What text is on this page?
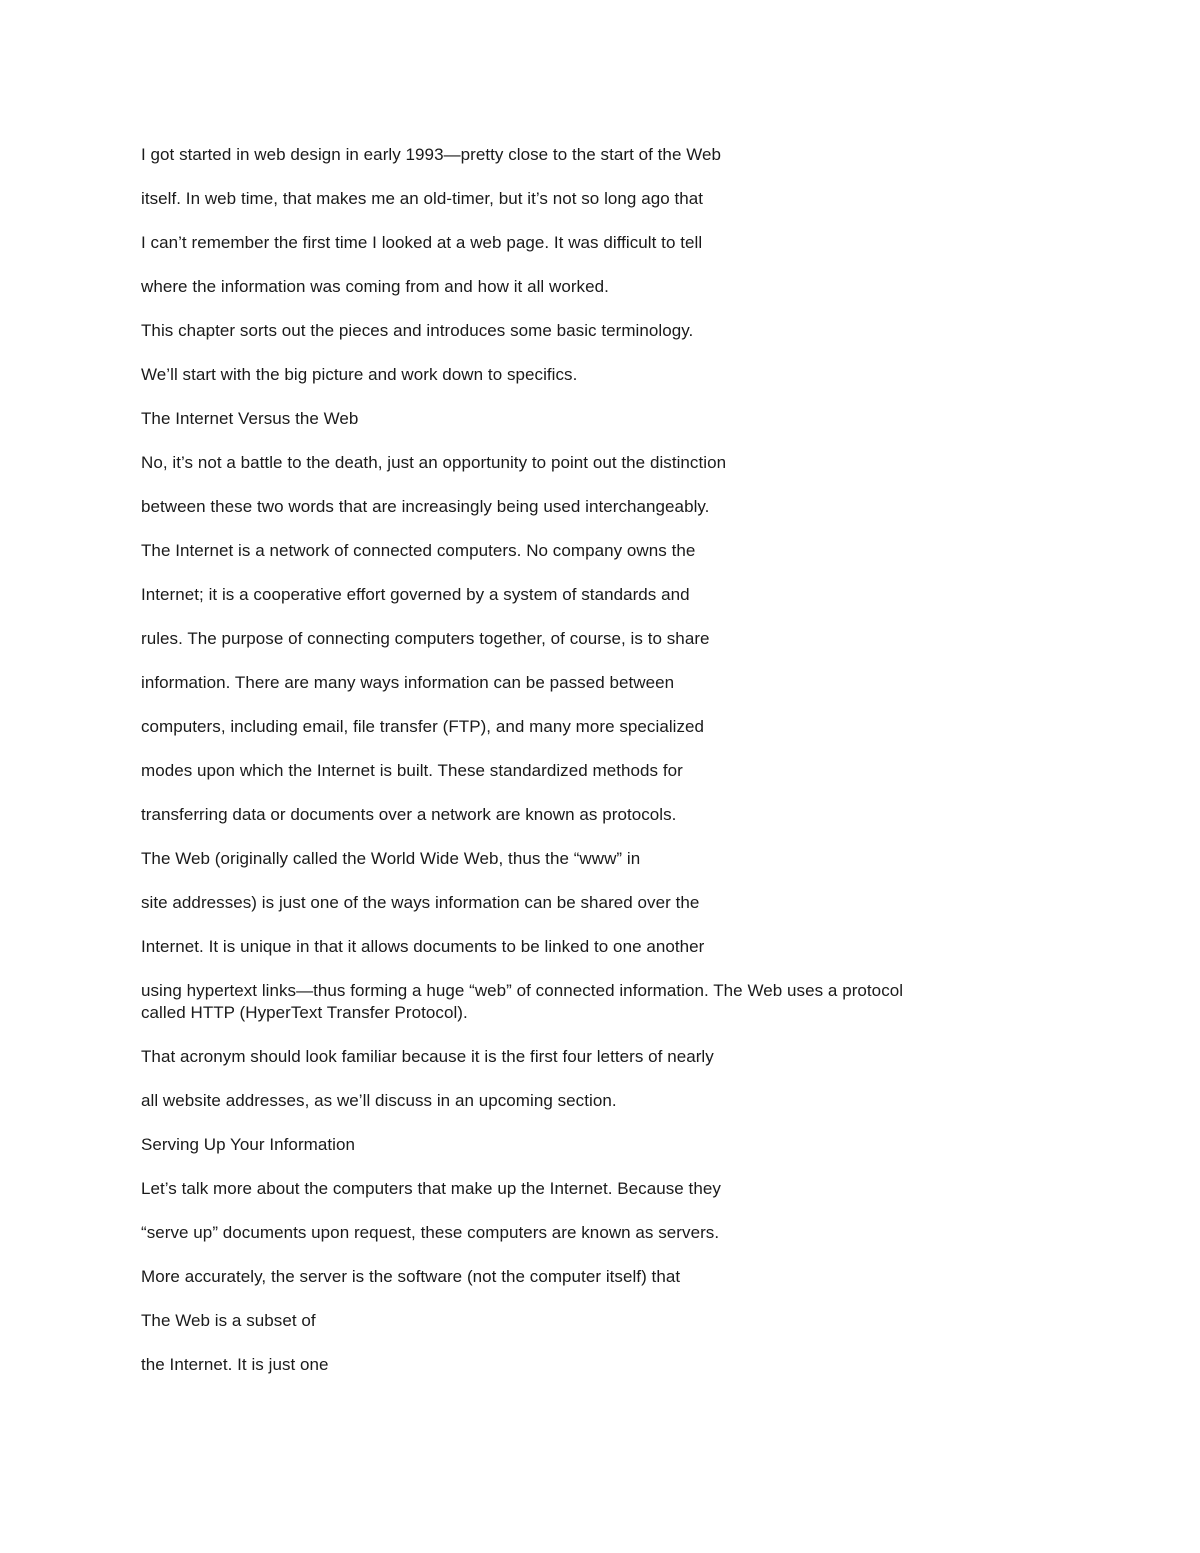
I got started in web design in early 1993—pretty close to the start of the Web
itself. In web time, that makes me an old-timer, but it’s not so long ago that
I can’t remember the first time I looked at a web page. It was difficult to tell
where the information was coming from and how it all worked.
This chapter sorts out the pieces and introduces some basic terminology.
We’ll start with the big picture and work down to specifics.
The Internet Versus the Web
No, it’s not a battle to the death, just an opportunity to point out the distinction
between these two words that are increasingly being used interchangeably.
The Internet is a network of connected computers. No company owns the
Internet; it is a cooperative effort governed by a system of standards and
rules. The purpose of connecting computers together, of course, is to share
information. There are many ways information can be passed between
computers, including email, file transfer (FTP), and many more specialized
modes upon which the Internet is built. These standardized methods for
transferring data or documents over a network are known as protocols.
The Web (originally called the World Wide Web, thus the “www” in
site addresses) is just one of the ways information can be shared over the
Internet. It is unique in that it allows documents to be linked to one another
using hypertext links—thus forming a huge “web” of connected information. The Web uses a protocol
called HTTP (HyperText Transfer Protocol).
That acronym should look familiar because it is the first four letters of nearly
all website addresses, as we’ll discuss in an upcoming section.
Serving Up Your Information
Let’s talk more about the computers that make up the Internet. Because they
“serve up” documents upon request, these computers are known as servers.
More accurately, the server is the software (not the computer itself) that
The Web is a subset of
the Internet. It is just one
